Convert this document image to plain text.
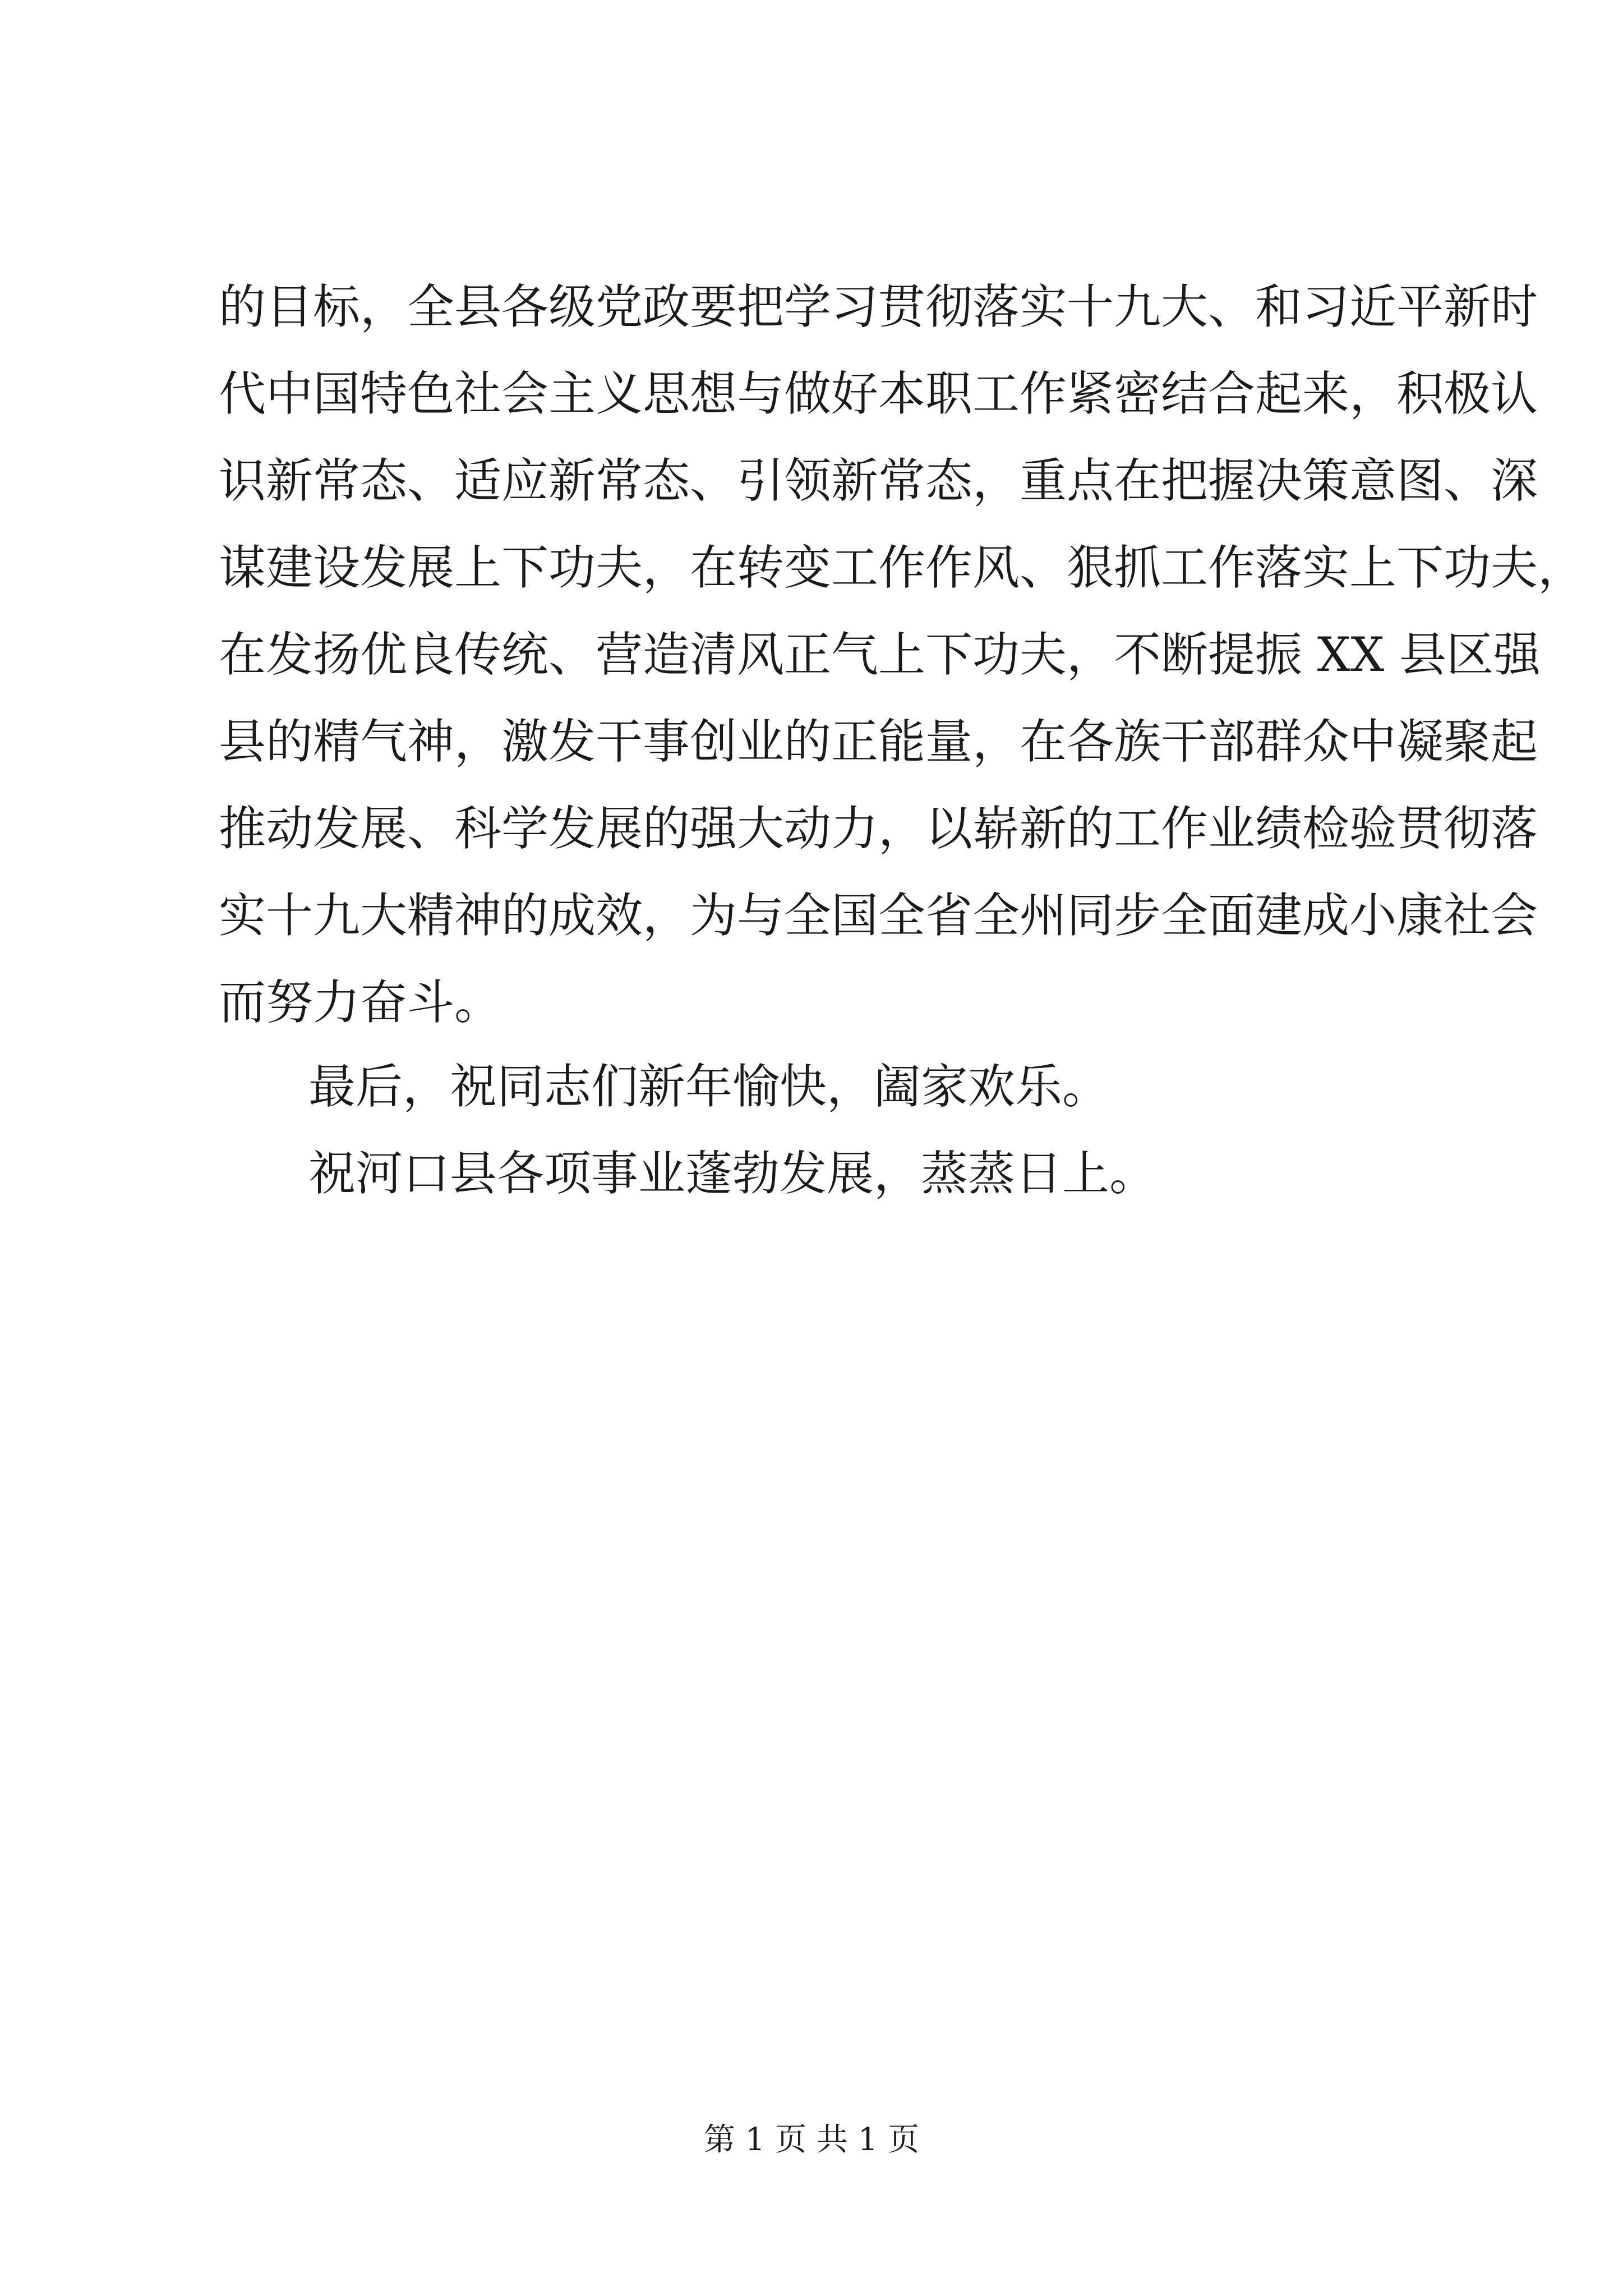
的目标，全县各级党政要把学习贯彻落实十九大、和习近平新时
代中国特色社会主义思想与做好本职工作紧密结合起来，积极认
识新常态、适应新常态、引领新常态，重点在把握决策意图、深
谋建设发展上下功夫，在转变工作作风、狠抓工作落实上下功夫，
在发扬优良传统、营造清风正气上下功夫，不断提振 XX 县区强
县的精气神，激发干事创业的正能量，在各族干部群众中凝聚起
推动发展、科学发展的强大动力，以崭新的工作业绩检验贯彻落
实十九大精神的成效，为与全国全省全州同步全面建成小康社会
而努力奋斗。
最后，祝同志们新年愉快，阖家欢乐。
祝河口县各项事业蓬勃发展，蒸蒸日上。
第 1 页 共 1 页
